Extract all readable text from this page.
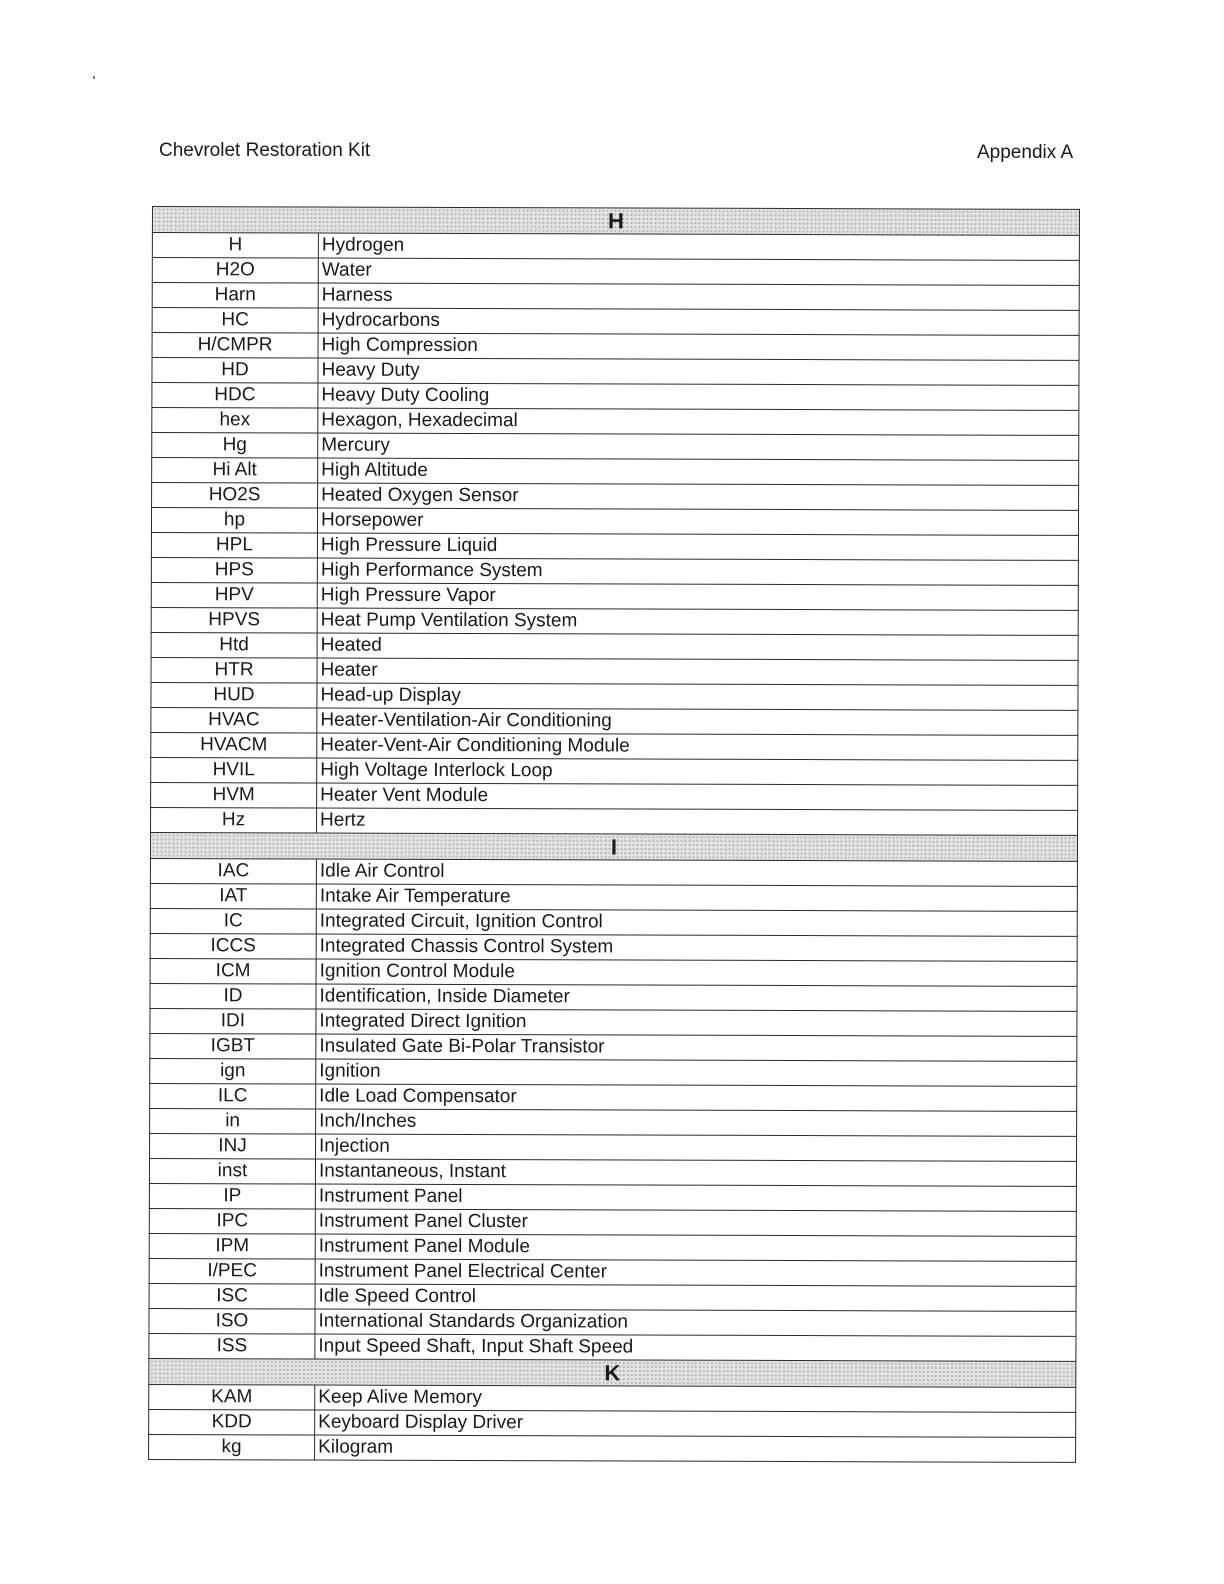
Chevrolet Restoration Kit	Appendix A
H	
H	Hydrogen
H2O	Water
Harn	Harness
HC	Hydrocarbons
H/CMPR	High Compression
HD	Heavy Duty
HDC	Heavy Duty Cooling
hex	Hexagon, Hexadecimal
Hg	Mercury
Hi Alt	High Altitude
HO2S	Heated Oxygen Sensor
hp	Horsepower
HPL	High Pressure Liquid
HPS	High Performance System
HPV	High Pressure Vapor
HPVS	Heat Pump Ventilation System
Htd	Heated
HTR	Heater
HUD	Head-up Display
HVAC	Heater-Ventilation-Air Conditioning
HVACM	Heater-Vent-Air Conditioning Module
HVIL	High Voltage Interlock Loop
HVM	Heater Vent Module
Hz	Hertz
I	
IAC	Idle Air Control
IAT	Intake Air Temperature
IC	Integrated Circuit, Ignition Control
ICCS	Integrated Chassis Control System
ICM	Ignition Control Module
ID	Identification, Inside Diameter
IDI	Integrated Direct Ignition
IGBT	Insulated Gate Bi-Polar Transistor
ign	Ignition
ILC	Idle Load Compensator
in	Inch/Inches
INJ	Injection
inst	Instantaneous, Instant
IP	Instrument Panel
IPC	Instrument Panel Cluster
IPM	Instrument Panel Module
I/PEC	Instrument Panel Electrical Center
ISC	Idle Speed Control
ISO	International Standards Organization
ISS	Input Speed Shaft, Input Shaft Speed
K	
KAM	Keep Alive Memory
KDD	Keyboard Display Driver
kg	Kilogram
